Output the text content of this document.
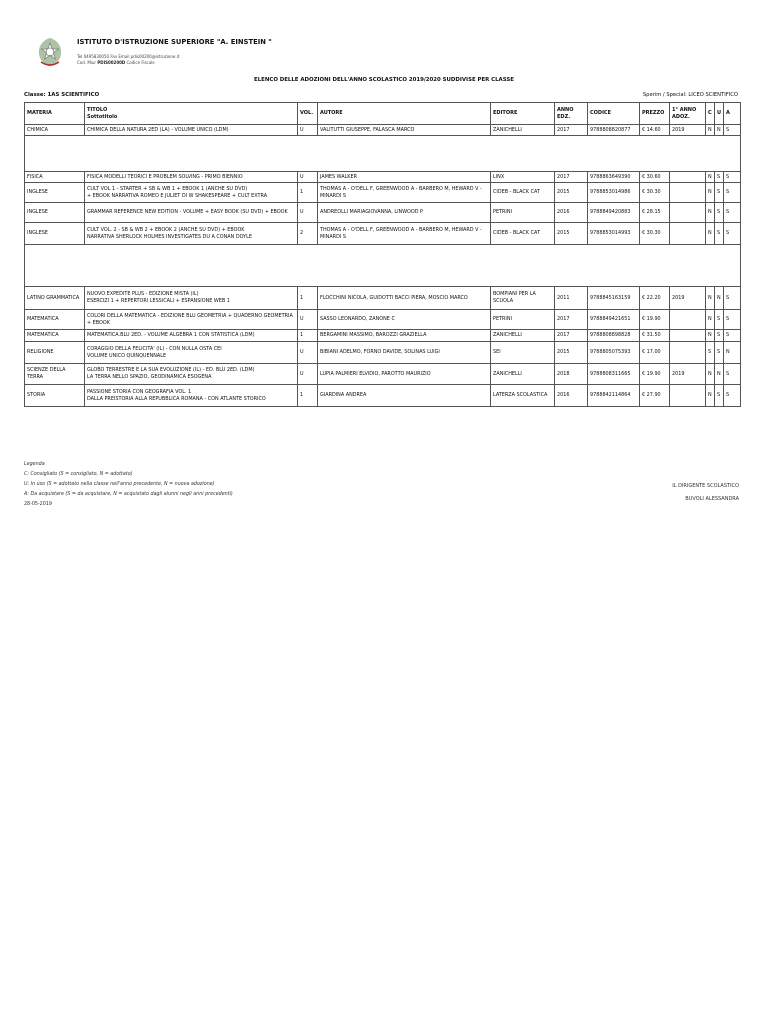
ISTITUTO D'ISTRUZIONE SUPERIORE "A. EINSTEIN "
Tel 0495830050 Fax Email pdis00200@istruzione.it
Cod. Miur PDIS00200D Codice Fiscale
ELENCO DELLE ADOZIONI DELL'ANNO SCOLASTICO 2019/2020 SUDDIVISE PER CLASSE
Classe: 1AS SCIENTIFICO	Sperim / Special: LICEO SCIENTIFICO
MATERIA	TITOLO
Sottotitolo	VOL.	AUTORE	EDITORE	ANNO EDZ.	CODICE	PREZZO	1° ANNO ADOZ.	C	U	A
CHIMICA	CHIMICA DELLA NATURA 2ED (LA) - VOLUME UNICO (LDM)	U	VALITUTTI GIUSEPPE, FALASCA MARCO	ZANICHELLI	2017	9788808820877	€ 14.60	2019	N	N	S

FISICA	FISICA MODELLI TEORICI E PROBLEM SOLVING - PRIMO BIENNIO	U	JAMES WALKER	LINX	2017	9788863649390	€ 30.60		N	S	S
INGLESE	CULT VOL 1 - STARTER + SB & WB 1 + EBOOK 1 (ANCHE SU DVD)
+ EBOOK NARRATIVA ROMEO E JULIET DI W SHAKESPEARE + CULT EXTRA	1	THOMAS A - O'DELL F, GREENWOOD A - BARBERO M, HEWARD V - MINARDI S	CIDEB - BLACK CAT	2015	9788853014986	€ 30.30		N	S	S
INGLESE	GRAMMAR REFERENCE NEW EDITION - VOLUME + EASY BOOK (SU DVD) + EBOOK	U	ANDREOLLI MARIAGIOVANNA, LINWOOD P	PETRINI	2016	9788849420883	€ 28.15		N	S	S
INGLESE	CULT VOL. 2 - SB & WB 2 + EBOOK 2 (ANCHE SU DVD) + EBOOK
NARRATIVA SHERLOCK HOLMES INVESTIGATES DU A CONAN DOYLE	2	THOMAS A - O'DELL F, GREENWOOD A - BARBERO M, HEWARD V - MINARDI S	CIDEB - BLACK CAT	2015	9788853014993	€ 30.30		N	S	S

LATINO GRAMMATICA	NUOVO EXPEDITE PLUS - EDIZIONE MISTA (IL)
ESERCIZI 1 + REPERTORI LESSICALI + ESPANSIONE WEB 1	1	FLOCCHINI NICOLA, GUIDOTTI BACCI PIERA, MOSCIO MARCO	BOMPIANI PER LA SCUOLA	2011	9788845163159	€ 22.20	2019	N	N	S
MATEMATICA	COLORI DELLA MATEMATICA - EDIZIONE BLU GEOMETRIA + QUADERNO GEOMETRIA + EBOOK	U	SASSO LEONARDO, ZANONE C	PETRINI	2017	9788849421651	€ 19.90		N	S	S
MATEMATICA	MATEMATICA.BLU 2ED. - VOLUME ALGEBRA 1 CON STATISTICA (LDM)	1	BERGAMINI MASSIMO, BAROZZI GRAZIELLA	ZANICHELLI	2017	9788808898828	€ 31.50		N	S	S
RELIGIONE	CORAGGIO DELLA FELICITA' (IL) - CON NULLA OSTA CEI
VOLUME UNICO QUINQUENNALE	U	BIBIANI ADELMO, FORNO DAVIDE, SOLINAS LUIGI	SEI	2015	9788805075393	€ 17.00		S	S	N
SCIENZE DELLA TERRA	GLOBO TERRESTRE E LA SUA EVOLUZIONE (IL) - ED. BLU 2ED. (LDM)
LA TERRA NELLO SPAZIO, GEODINAMICA ESOGENA	U	LUPIA PALMIERI ELVIDIO, PAROTTO MAURIZIO	ZANICHELLI	2018	9788808311665	€ 19.90	2019	N	N	S
STORIA	PASSIONE STORIA CON GEOGRAFIA VOL. 1
DALLA PREISTORIA ALLA REPUBBLICA ROMANA - CON ATLANTE STORICO	1	GIARDINA ANDREA	LATERZA SCOLASTICA	2016	9788842114864	€ 27.90		N	S	S
Legenda
C: Consigliato (S = consigliato, N = adottato)
U: In uso (S = adottato nella classe nell'anno precedente, N = nuova adozione)
A: Da acquistare (S = da acquistare, N = acquistato dagli alunni negli anni precedenti)
28-05-2019
IL DIRIGENTE SCOLASTICO
BUVOLI ALESSANDRA
